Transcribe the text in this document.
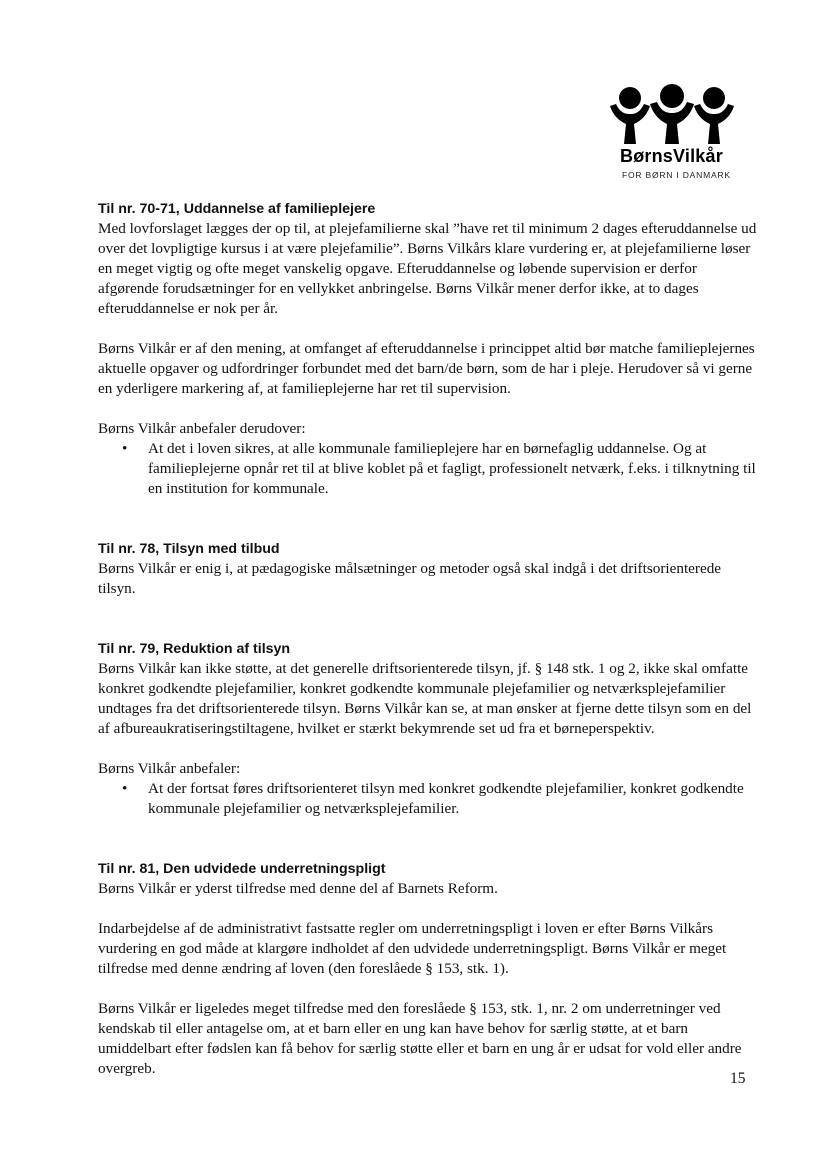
BørnsVilkår
FOR BØRN I DANMARK
Til nr. 70-71, Uddannelse af familieplejere

Med lovforslaget lægges der op til, at plejefamilierne skal ”have ret til minimum 2 dages efteruddannelse ud over det lovpligtige kursus i at være plejefamilie”. Børns Vilkårs klare vurdering er, at plejefamilierne løser en meget vigtig og ofte meget vanskelig opgave. Efteruddannelse og løbende supervision er derfor afgørende forudsætninger for en vellykket anbringelse. Børns Vilkår mener derfor ikke, at to dages efteruddannelse er nok per år.

Børns Vilkår er af den mening, at omfanget af efteruddannelse i princippet altid bør matche familieplejernes aktuelle opgaver og udfordringer forbundet med det barn/de børn, som de har i pleje. Herudover så vi gerne en yderligere markering af, at familieplejerne har ret til supervision.

Børns Vilkår anbefaler derudover:

• At det i loven sikres, at alle kommunale familieplejere har en børnefaglig uddannelse. Og at familieplejerne opnår ret til at blive koblet på et fagligt, professionelt netværk, f.eks. i tilknytning til en institution for kommunale.
Til nr. 78, Tilsyn med tilbud

Børns Vilkår er enig i, at pædagogiske målsætninger og metoder også skal indgå i det driftsorienterede tilsyn.

Til nr. 79, Reduktion af tilsyn

Børns Vilkår kan ikke støtte, at det generelle driftsorienterede tilsyn, jf. § 148 stk. 1 og 2, ikke skal omfatte konkret godkendte plejefamilier, konkret godkendte kommunale plejefamilier og netværksplejefamilier undtages fra det driftsorienterede tilsyn. Børns Vilkår kan se, at man ønsker at fjerne dette tilsyn som en del af afbureaukratiseringstiltagene, hvilket er stærkt bekymrende set ud fra et børneperspektiv.

Børns Vilkår anbefaler:

• At der fortsat føres driftsorienteret tilsyn med konkret godkendte plejefamilier, konkret godkendte kommunale plejefamilier og netværksplejefamilier.
Til nr. 81, Den udvidede underretningspligt

Børns Vilkår er yderst tilfredse med denne del af Barnets Reform.

Indarbejdelse af de administrativt fastsatte regler om underretningspligt i loven er efter Børns Vilkårs vurdering en god måde at klargøre indholdet af den udvidede underretningspligt. Børns Vilkår er meget tilfredse med denne ændring af loven (den foreslåede § 153, stk. 1).

Børns Vilkår er ligeledes meget tilfredse med den foreslåede § 153, stk. 1, nr. 2 om underretninger ved kendskab til eller antagelse om, at et barn eller en ung kan have behov for særlig støtte, at et barn umiddelbart efter fødslen kan få behov for særlig støtte eller et barn en ung år er udsat for vold eller andre overgreb.

15
